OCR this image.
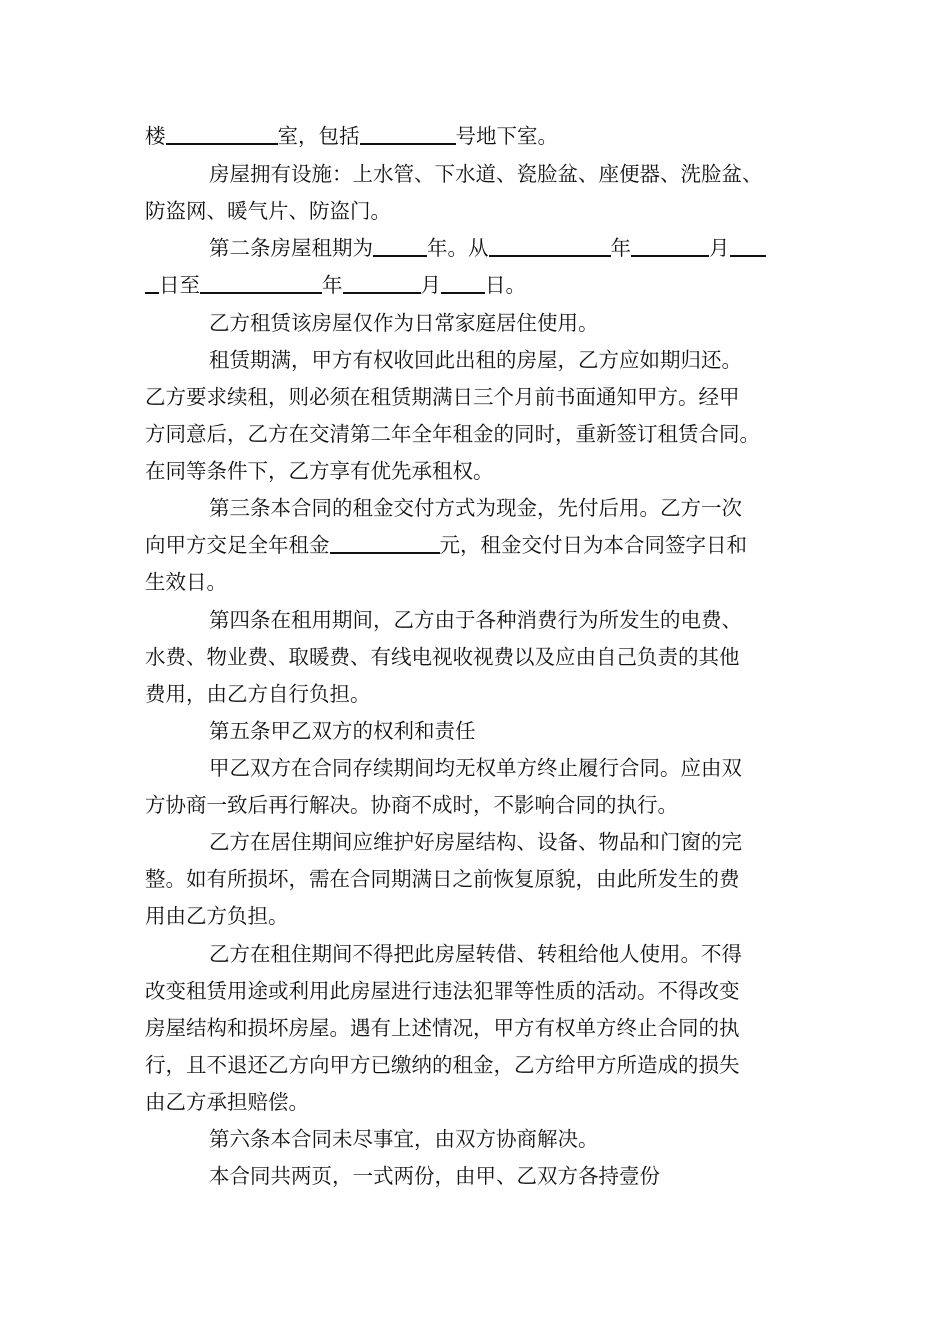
楼	室，包括	号地下室。
房屋拥有设施：上水管、下水道、瓷脸盆、座便器、洗脸盆、
防盗网、暖气片、防盗门。
第二条房屋租期为	年。从	年	月
日至	年	月 日。
乙方租赁该房屋仅作为日常家庭居住使用。
租赁期满，甲方有权收回此出租的房屋，乙方应如期归还。
乙方要求续租，则必须在租赁期满日三个月前书面通知甲方。经甲
方同意后，乙方在交清第二年全年租金的同时，重新签订租赁合同。
在同等条件下，乙方享有优先承租权。
第三条本合同的租金交付方式为现金，先付后用。乙方一次
向甲方交足全年租金	元，租金交付日为本合同签字日和
生效日。
第四条在租用期间，乙方由于各种消费行为所发生的电费、
水费、物业费、取暖费、有线电视收视费以及应由自己负责的其他
费用，由乙方自行负担。
第五条甲乙双方的权利和责任
甲乙双方在合同存续期间均无权单方终止履行合同。应由双
方协商一致后再行解决。协商不成时，不影响合同的执行。
乙方在居住期间应维护好房屋结构、设备、物品和门窗的完
整。如有所损坏，需在合同期满日之前恢复原貌，由此所发生的费
用由乙方负担。
乙方在租住期间不得把此房屋转借、转租给他人使用。不得
改变租赁用途或利用此房屋进行违法犯罪等性质的活动。不得改变
房屋结构和损坏房屋。遇有上述情况，甲方有权单方终止合同的执
行，且不退还乙方向甲方已缴纳的租金，乙方给甲方所造成的损失
由乙方承担赔偿。
第六条本合同未尽事宜，由双方协商解决。
本合同共两页，一式两份，由甲、乙双方各持壹份
